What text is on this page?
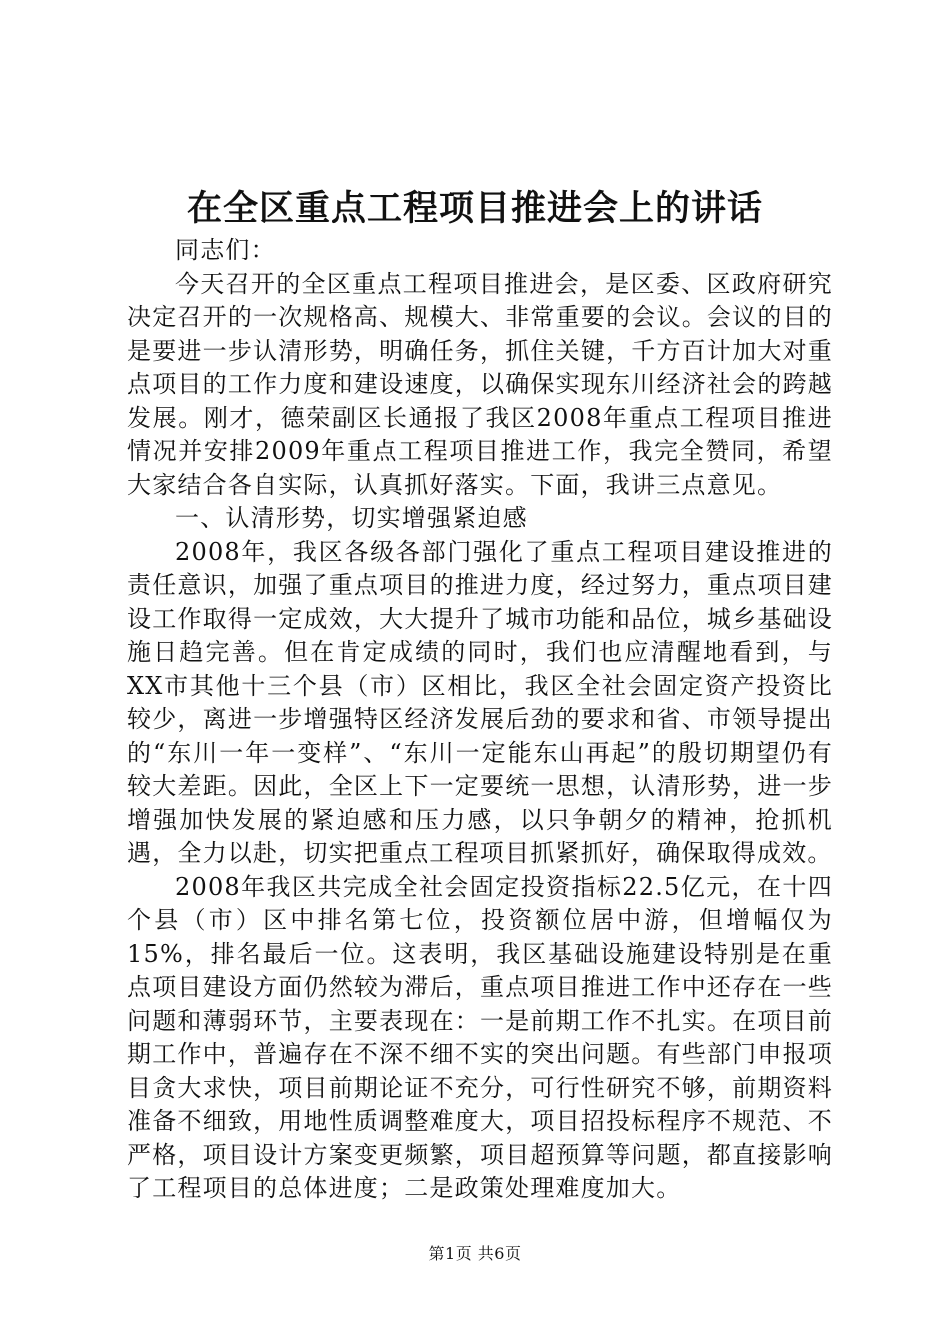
在全区重点工程项目推进会上的讲话

同志们：

今天召开的全区重点工程项目推进会，是区委、区政府研究决定召开的一次规格高、规模大、非常重要的会议。会议的目的是要进一步认清形势，明确任务，抓住关键，千方百计加大对重点项目的工作力度和建设速度，以确保实现东川经济社会的跨越发展。刚才，德荣副区长通报了我区2008年重点工程项目推进情况并安排2009年重点工程项目推进工作，我完全赞同，希望大家结合各自实际，认真抓好落实。下面，我讲三点意见。

一、认清形势，切实增强紧迫感

2008年，我区各级各部门强化了重点工程项目建设推进的责任意识，加强了重点项目的推进力度，经过努力，重点项目建设工作取得一定成效，大大提升了城市功能和品位，城乡基础设施日趋完善。但在肯定成绩的同时，我们也应清醒地看到，与XX市其他十三个县（市）区相比，我区全社会固定资产投资比较少，离进一步增强特区经济发展后劲的要求和省、市领导提出的“东川一年一变样”、“东川一定能东山再起”的殷切期望仍有较大差距。因此，全区上下一定要统一思想，认清形势，进一步增强加快发展的紧迫感和压力感，以只争朝夕的精神，抢抓机遇，全力以赴，切实把重点工程项目抓紧抓好，确保取得成效。

2008年我区共完成全社会固定投资指标22.5亿元，在十四个县（市）区中排名第七位，投资额位居中游，但增幅仅为15%，排名最后一位。这表明，我区基础设施建设特别是在重点项目建设方面仍然较为滞后，重点项目推进工作中还存在一些问题和薄弱环节，主要表现在：一是前期工作不扎实。在项目前期工作中，普遍存在不深不细不实的突出问题。有些部门申报项目贪大求快，项目前期论证不充分，可行性研究不够，前期资料准备不细致，用地性质调整难度大，项目招投标程序不规范、不严格，项目设计方案变更频繁，项目超预算等问题，都直接影响了工程项目的总体进度；二是政策处理难度加大。

第1页 共6页
